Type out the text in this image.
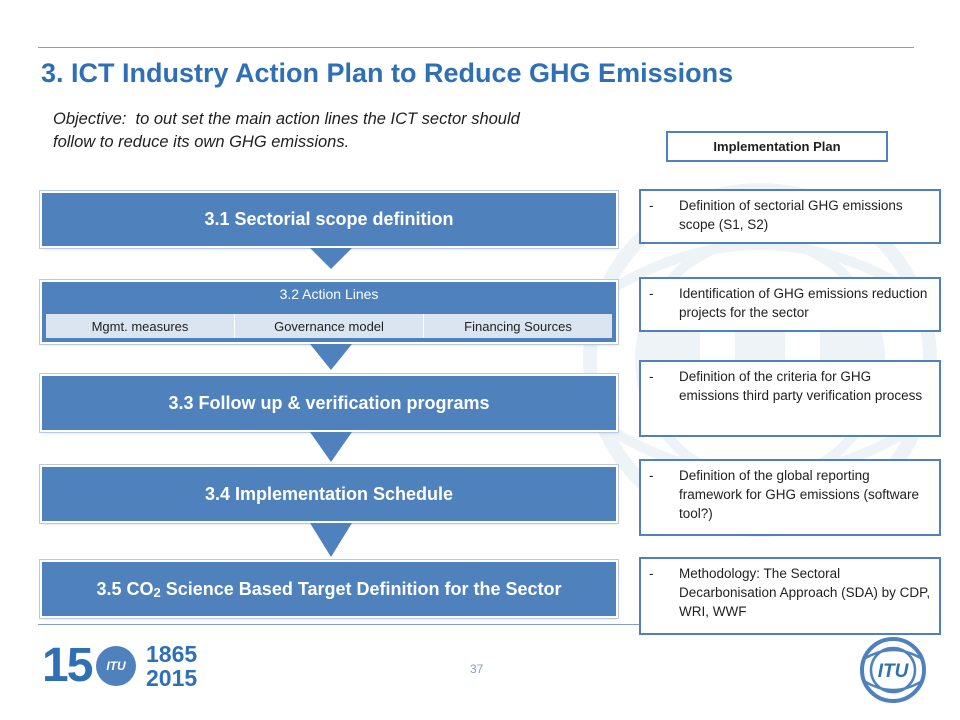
3. ICT Industry Action Plan to Reduce GHG Emissions
Objective:  to out set the main action lines the ICT sector should
follow to reduce its own GHG emissions.	Implementation Plan
3.1 Sectorial scope definition
3.2 Action Lines
Mgmt. measures	Governance model	Financing Sources
3.3 Follow up & verification programs
3.4 Implementation Schedule
3.5 CO2 Science Based Target Definition for the Sector
-	Definition of sectorial GHG emissions scope (S1, S2)
-	Identification of GHG emissions reduction projects for the sector
-	Definition of the criteria for GHG emissions third party verification process
-	Definition of the global reporting framework for GHG emissions (software tool?)
-	Methodology: The Sectoral Decarbonisation Approach (SDA) by CDP, WRI, WWF
15 ITU 1865
2015	37	ITU
